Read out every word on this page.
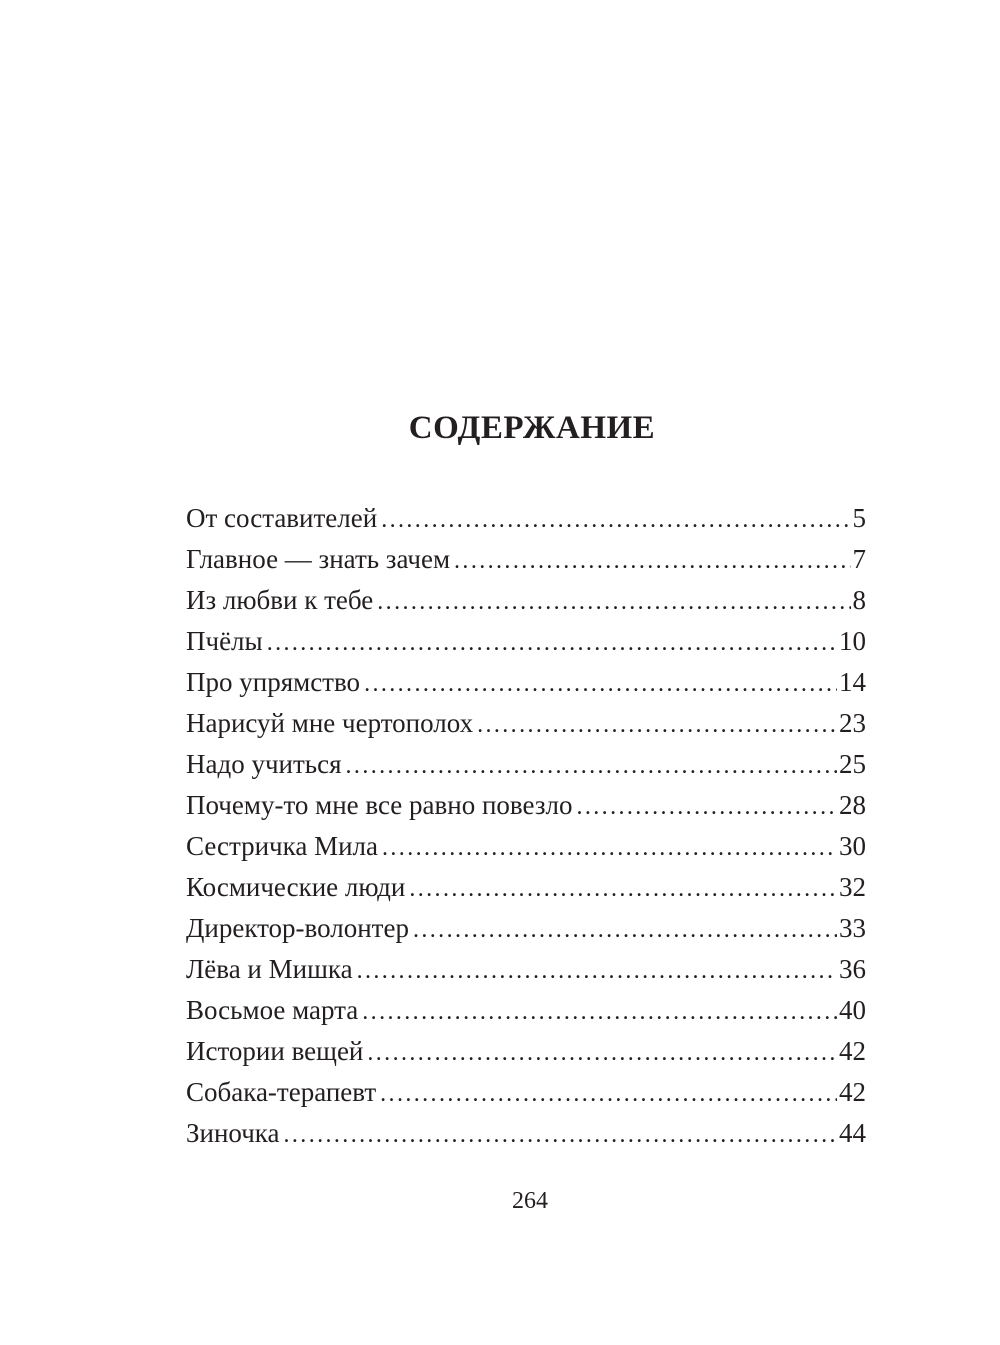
СОДЕРЖАНИЕ
От составителей .....	5
Главное — знать зачем .....	7
Из любви к тебе .....	8
Пчёлы .....	10
Про упрямство .....	14
Нарисуй мне чертополох .....	23
Надо учиться .....	25
Почему-то мне все равно повезло .....	28
Сестричка Мила .....	30
Космические люди .....	32
Директор-волонтер .....	33
Лёва и Мишка .....	36
Восьмое марта .....	40
Истории вещей .....	42
Собака-терапевт .....	42
Зиночка .....	44
264
